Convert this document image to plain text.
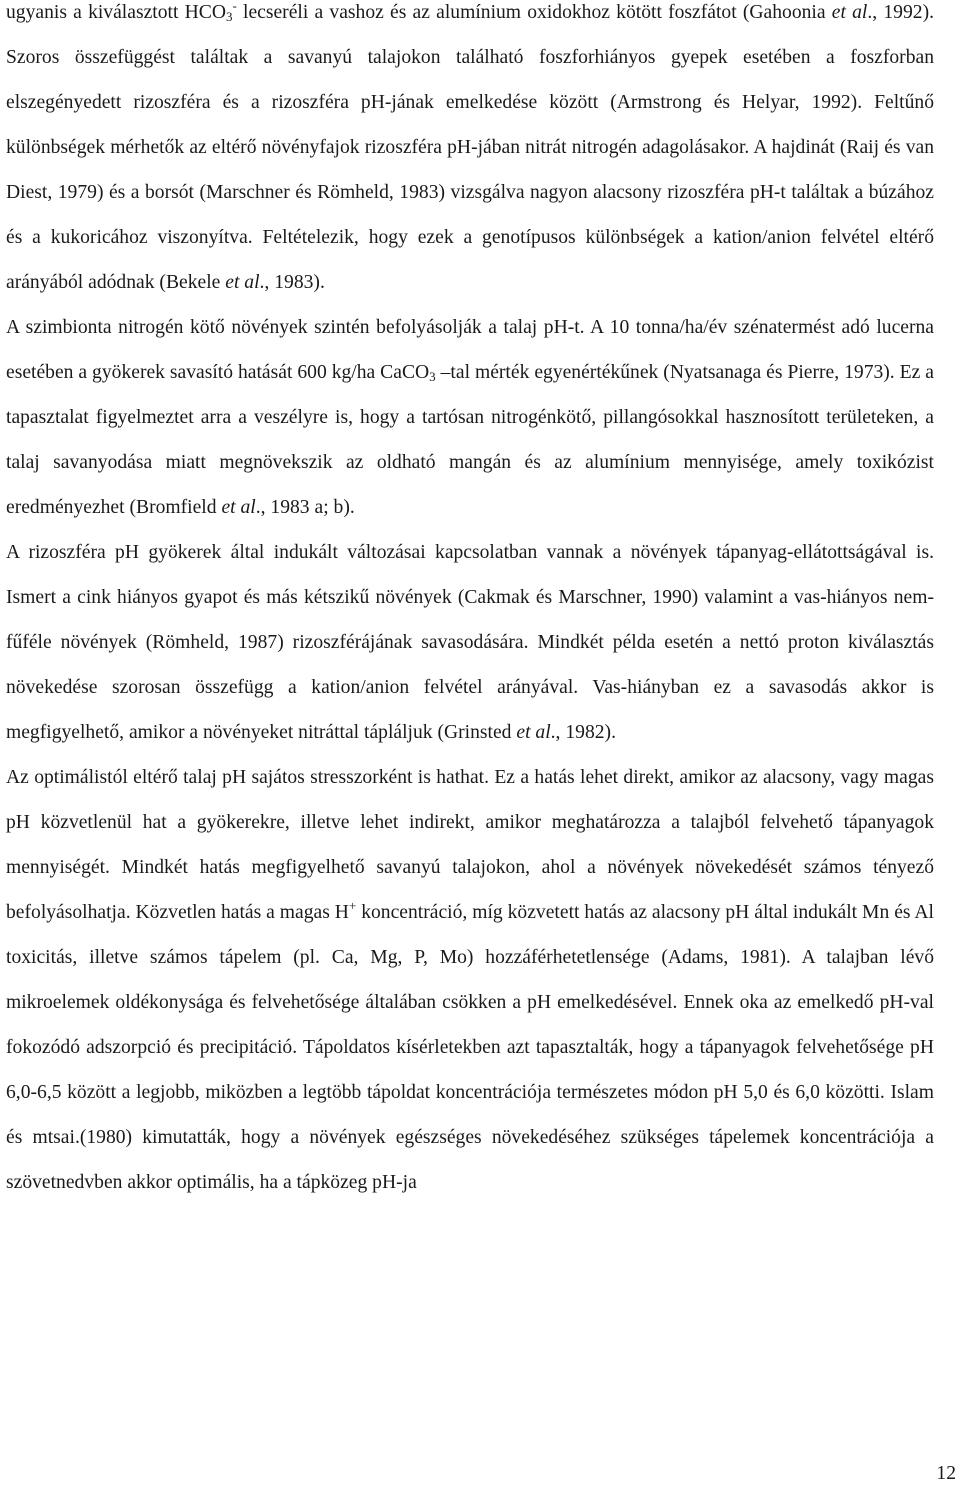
ugyanis a kiválasztott $HCO_3^-$ lecseréli a vashoz és az alumínium oxidokhoz kötött foszfátot (Gahoonia et al., 1992). Szoros összefüggést találtak a savanyú talajokon található foszforhiányos gyepek esetében a foszforban elszegényedett rizoszféra és a rizoszféra pH-jának emelkedése között (Armstrong és Helyar, 1992). Feltűnő különbségek mérhetők az eltérő növényfajok rizoszféra pH-jában nitrát nitrogén adagolásakor. A hajdinát (Raij és van Diest, 1979) és a borsót (Marschner és Römheld, 1983) vizsgálva nagyon alacsony rizoszféra pH-t találtak a búzához és a kukoricához viszonyítva. Feltételezik, hogy ezek a genotípusos különbségek a kation/anion felvétel eltérő arányából adódnak (Bekele et al., 1983).
A szimbionta nitrogén kötő növények szintén befolyásolják a talaj pH-t. A 10 tonna/ha/év szénatermést adó lucerna esetében a gyökerek savasító hatását 600 kg/ha CaCO$_3$ –tal mérték egyenértékűnek (Nyatsanaga és Pierre, 1973). Ez a tapasztalat figyelmeztet arra a veszélyre is, hogy a tartósan nitrogénkötő, pillangósokkal hasznosított területeken, a talaj savanyodása miatt megnövekszik az oldható mangán és az alumínium mennyisége, amely toxikózist eredményezhet (Bromfield et al., 1983 a; b).
A rizoszféra pH gyökerek által indukált változásai kapcsolatban vannak a növények tápanyag-ellátottságával is. Ismert a cink hiányos gyapot és más kétszikű növények (Cakmak és Marschner, 1990) valamint a vas-hiányos nem-fűféle növények (Römheld, 1987) rizoszférájának savasodására. Mindkét példa esetén a nettó proton kiválasztás növekedése szorosan összefügg a kation/anion felvétel arányával. Vas-hiányban ez a savasodás akkor is megfigyelhető, amikor a növényeket nitráttal tápláljuk (Grinsted et al., 1982).
Az optimálistól eltérő talaj pH sajátos stresszorként is hathat. Ez a hatás lehet direkt, amikor az alacsony, vagy magas pH közvetlenül hat a gyökerekre, illetve lehet indirekt, amikor meghatározza a talajból felvehető tápanyagok mennyiségét. Mindkét hatás megfigyelhető savanyú talajokon, ahol a növények növekedését számos tényező befolyásolhatja. Közvetlen hatás a magas H+ koncentráció, míg közvetett hatás az alacsony pH által indukált Mn és Al toxicitás, illetve számos tápelem (pl. Ca, Mg, P, Mo) hozzáférhetetlensége (Adams, 1981). A talajban lévő mikroelemek oldékonysága és felvehetősége általában csökken a pH emelkedésével. Ennek oka az emelkedő pH-val fokozódó adszorpció és precipitáció. Tápoldatos kísérletekben azt tapasztalták, hogy a tápanyagok felvehetősége pH 6,0-6,5 között a legjobb, miközben a legtöbb tápoldat koncentrációja természetes módon pH 5,0 és 6,0 közötti. Islam és mtsai.(1980) kimutatták, hogy a növények egészséges növekedéséhez szükséges tápelemek koncentrációja a szövetnedvben akkor optimális, ha a tápközeg pH-ja
12
